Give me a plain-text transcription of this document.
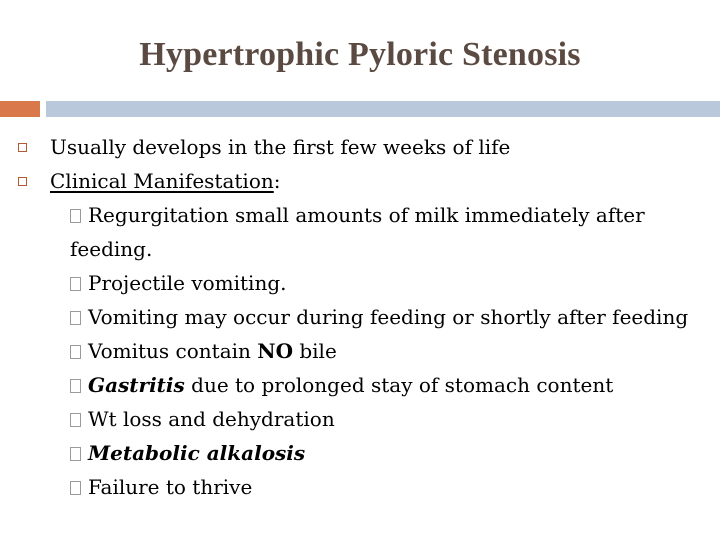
Hypertrophic Pyloric Stenosis
Usually develops in the first few weeks of life
Clinical Manifestation:
Regurgitation small amounts of milk immediately after
feeding.
Projectile vomiting.
Vomiting may occur during feeding or shortly after feeding
Vomitus contain NO bile
Gastritis due to prolonged stay of stomach content
Wt loss and dehydration
Metabolic alkalosis
Failure to thrive
